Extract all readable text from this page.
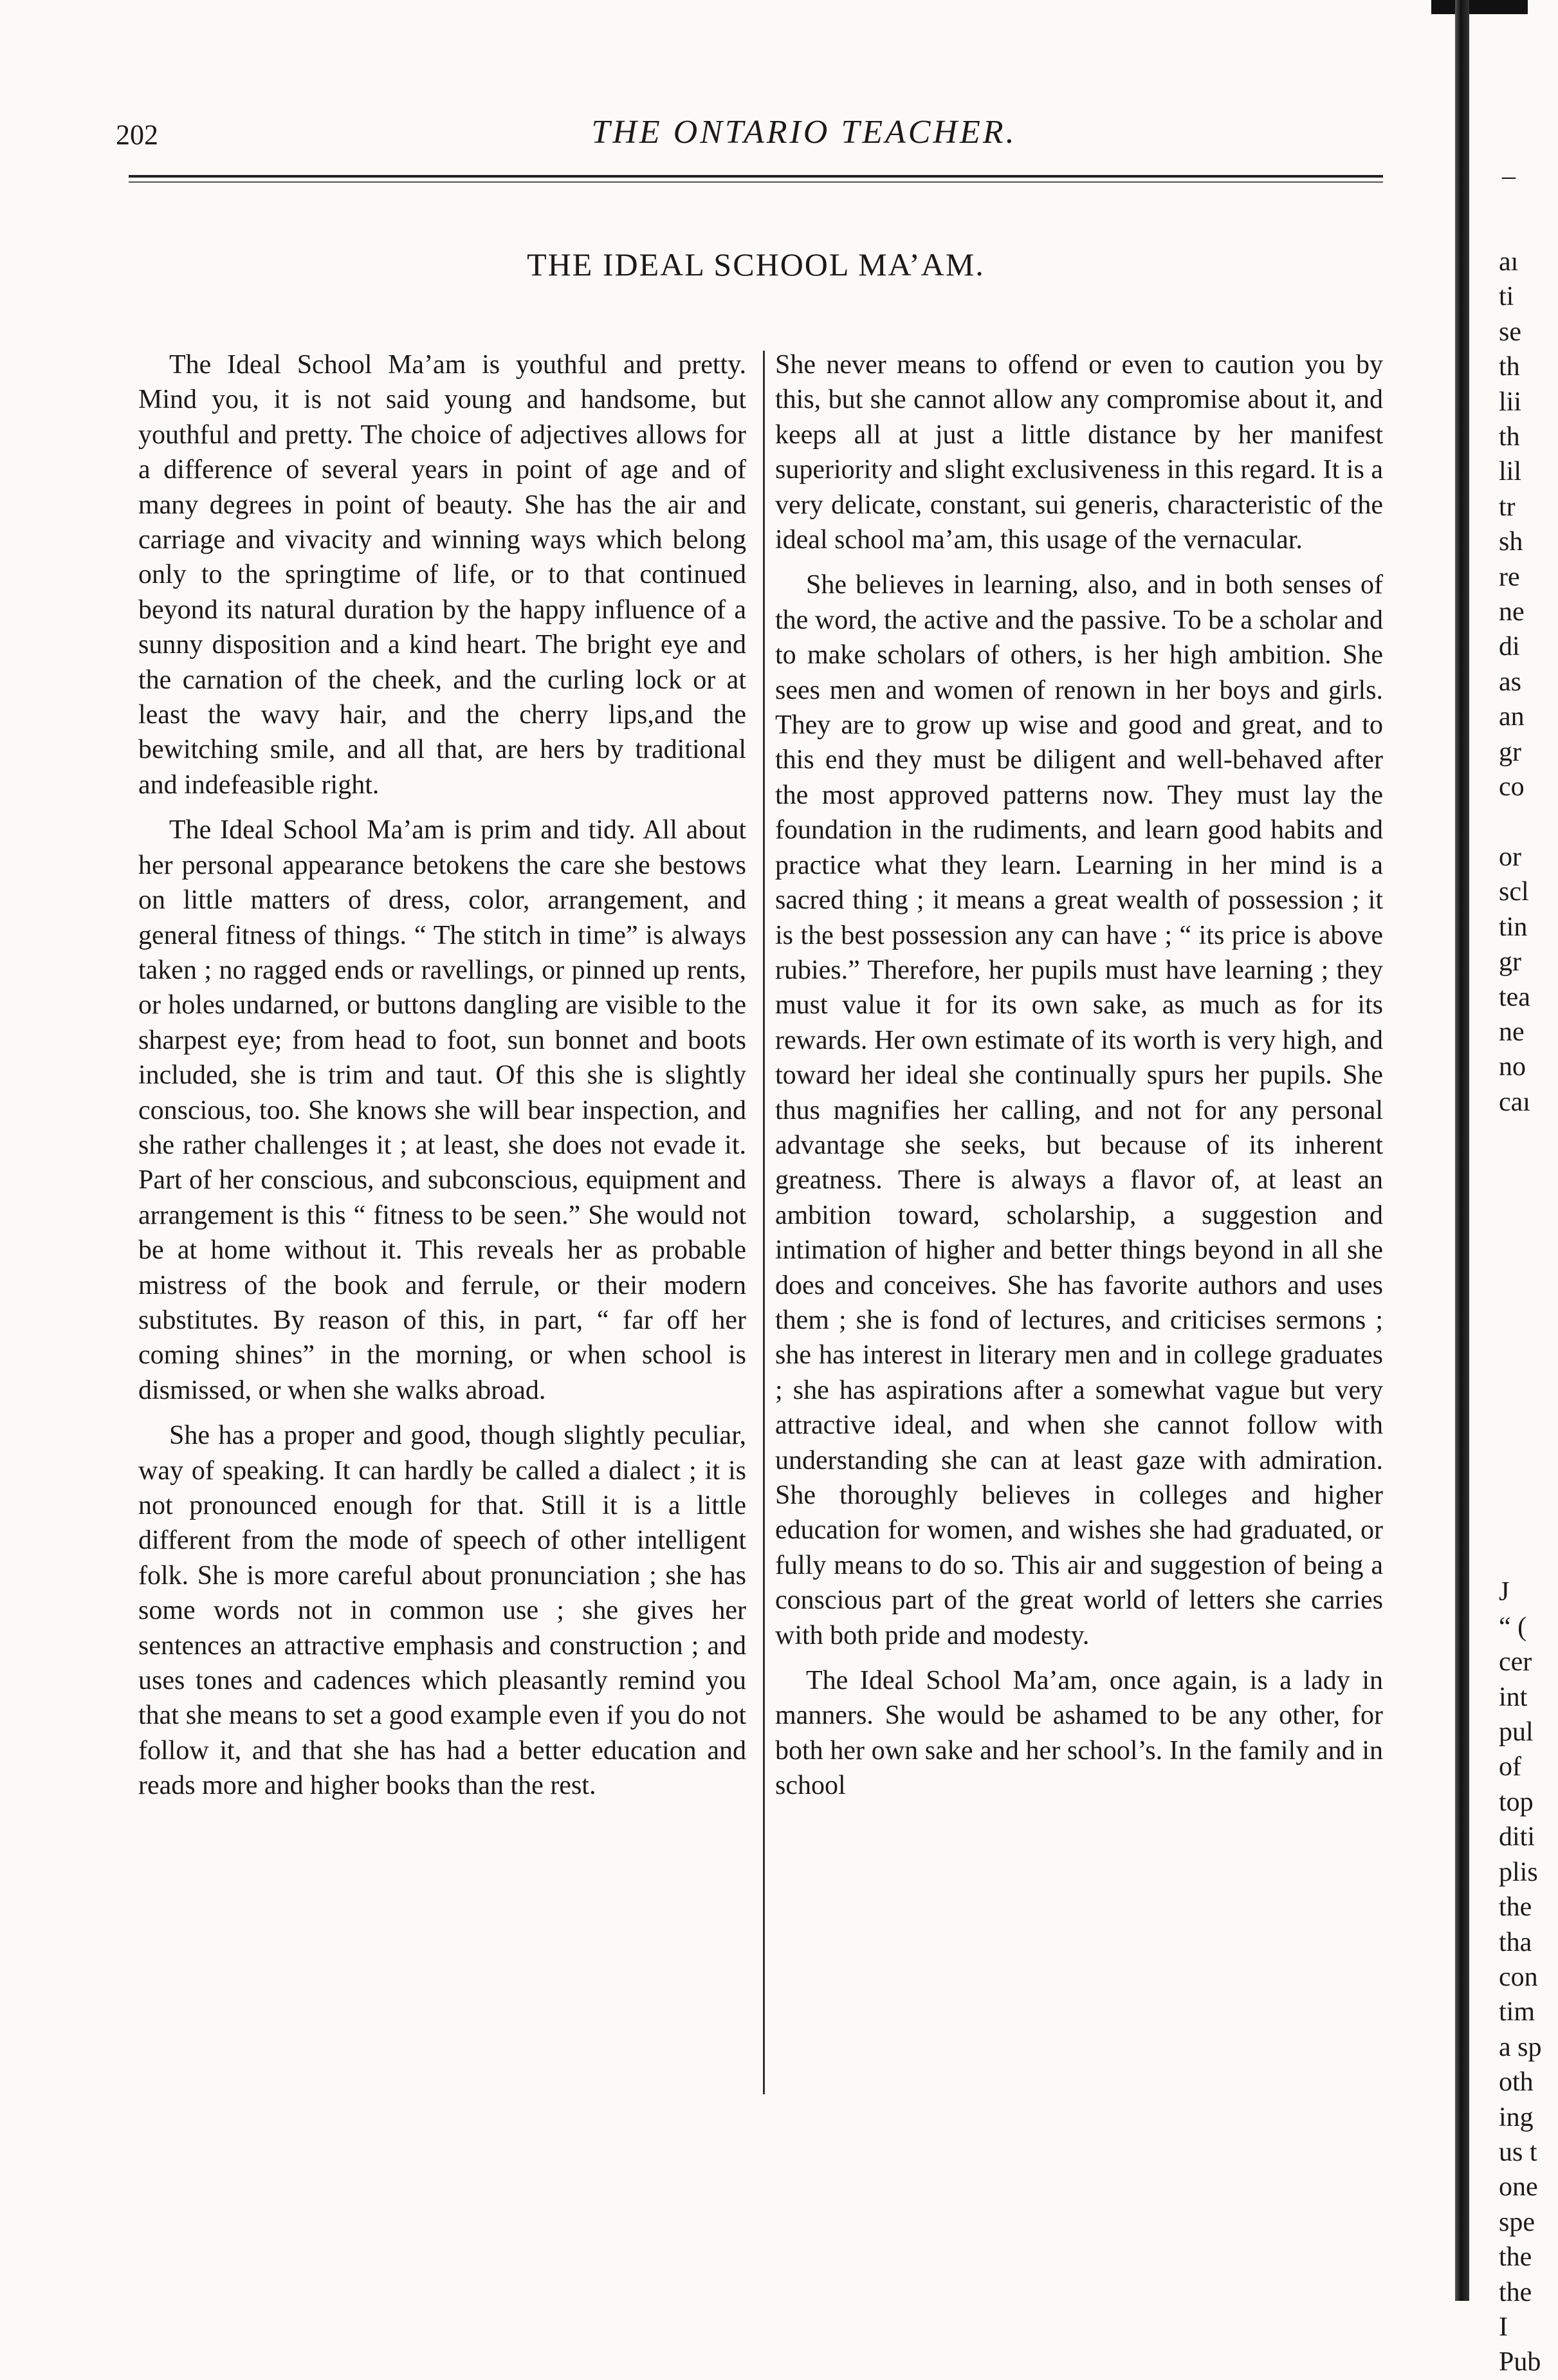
202	THE ONTARIO TEACHER.
THE IDEAL SCHOOL MA’AM.

The Ideal School Ma’am is youthful and pretty. Mind you, it is not said young and handsome, but youthful and pretty. The choice of adjectives allows for a difference of several years in point of age and of many degrees in point of beauty. She has the air and carriage and vivacity and winning ways which belong only to the springtime of life, or to that continued beyond its natural duration by the happy influence of a sunny disposition and a kind heart. The bright eye and the carnation of the cheek, and the curling lock or at least the wavy hair, and the cherry lips,and the bewitching smile, and all that, are hers by traditional and indefeasible right.

The Ideal School Ma’am is prim and tidy. All about her personal appearance betokens the care she bestows on little matters of dress, color, arrangement, and general fitness of things. “ The stitch in time” is always taken ; no ragged ends or ravellings, or pinned up rents, or holes undarned, or buttons dangling are visible to the sharpest eye; from head to foot, sun bonnet and boots included, she is trim and taut. Of this she is slightly conscious, too. She knows she will bear inspection, and she rather challenges it ; at least, she does not evade it. Part of her conscious, and subconscious, equipment and arrangement is this “ fitness to be seen.” She would not be at home without it. This reveals her as probable mistress of the book and ferrule, or their modern substitutes. By reason of this, in part, “ far off her coming shines” in the morning, or when school is dismissed, or when she walks abroad.

She has a proper and good, though slightly peculiar, way of speaking. It can hardly be called a dialect ; it is not pronounced enough for that. Still it is a little different from the mode of speech of other intelligent folk. She is more careful about pronunciation ; she has some words not in common use ; she gives her sentences an attractive emphasis and construction ; and uses tones and cadences which pleasantly remind you that she means to set a good example even if you do not follow it, and that she has had a better education and reads more and higher books than the rest.

She never means to offend or even to caution you by this, but she cannot allow any compromise about it, and keeps all at just a little distance by her manifest superiority and slight exclusiveness in this regard. It is a very delicate, constant, sui generis, characteristic of the ideal school ma’am, this usage of the vernacular.

She believes in learning, also, and in both senses of the word, the active and the passive. To be a scholar and to make scholars of others, is her high ambition. She sees men and women of renown in her boys and girls. They are to grow up wise and good and great, and to this end they must be diligent and well-behaved after the most approved patterns now. They must lay the foundation in the rudiments, and learn good habits and practice what they learn. Learning in her mind is a sacred thing ; it means a great wealth of possession ; it is the best possession any can have ; “ its price is above rubies.” Therefore, her pupils must have learning ; they must value it for its own sake, as much as for its rewards. Her own estimate of its worth is very high, and toward her ideal she continually spurs her pupils. She thus magnifies her calling, and not for any personal advantage she seeks, but because of its inherent greatness. There is always a flavor of, at least an ambition toward, scholarship, a suggestion and intimation of higher and better things beyond in all she does and conceives. She has favorite authors and uses them ; she is fond of lectures, and criticises sermons ; she has interest in literary men and in college graduates ; she has aspirations after a somewhat vague but very attractive ideal, and when she cannot follow with understanding she can at least gaze with admiration. She thoroughly believes in colleges and higher education for women, and wishes she had graduated, or fully means to do so. This air and suggestion of being a conscious part of the great world of letters she carries with both pride and modesty.

The Ideal School Ma’am, once again, is a lady in manners. She would be ashamed to be any other, for both her own sake and her school’s. In the family and in school

–
aı
ti
se
th
lii
th
lil
tr
sh
re
ne
di
as
an
gr
co

or
scl
tin
gr
tea
ne
no
caı

J
“ (
cer
int
pul
of
top
diti
plis
the
tha
con
tim
a sp
oth
ing
us t
one
spe
the
the
I
Pub
